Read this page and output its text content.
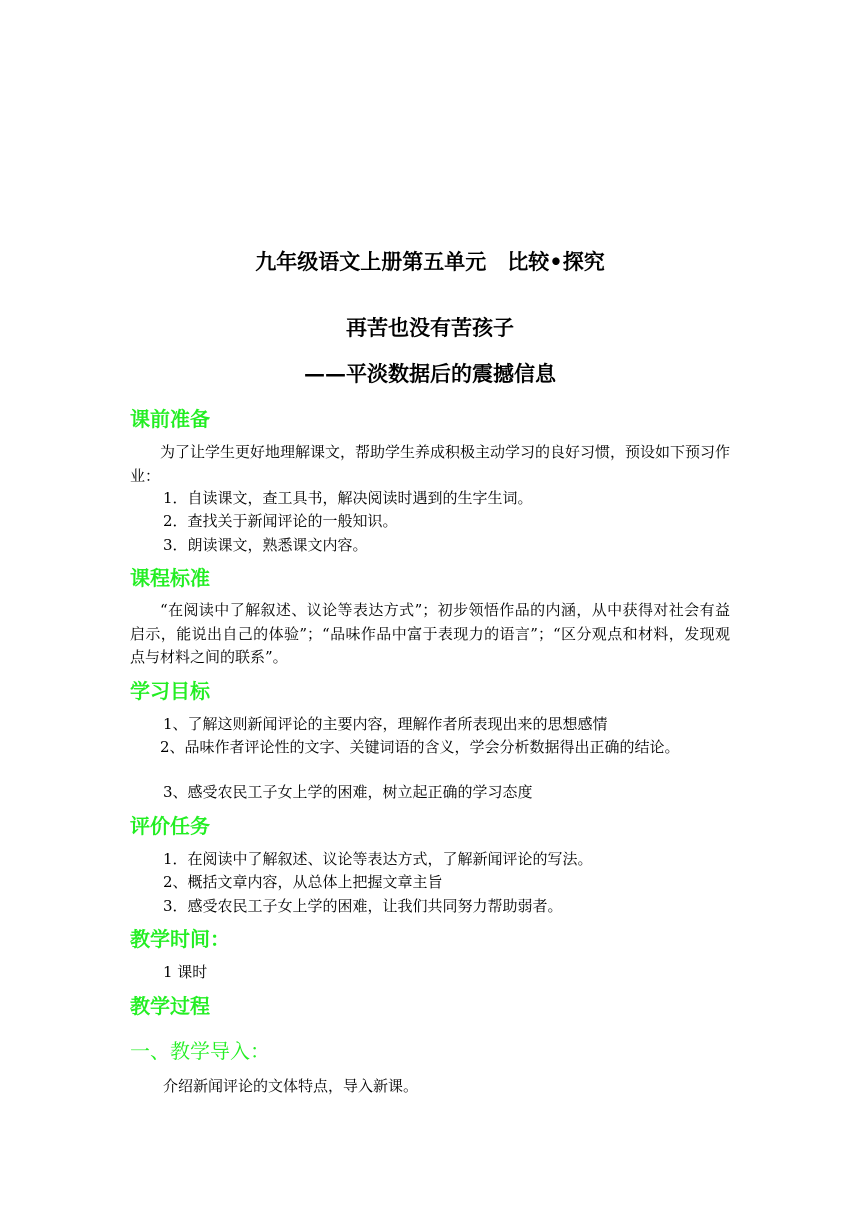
九年级语文上册第五单元　比较•探究
再苦也没有苦孩子
——平淡数据后的震撼信息
课前准备
为了让学生更好地理解课文，帮助学生养成积极主动学习的良好习惯，预设如下预习作业：
1．自读课文，查工具书，解决阅读时遇到的生字生词。
2．查找关于新闻评论的一般知识。
3．朗读课文，熟悉课文内容。
课程标准
“在阅读中了解叙述、议论等表达方式”；初步领悟作品的内涵，从中获得对社会有益启示，能说出自己的体验”；“品味作品中富于表现力的语言”；“区分观点和材料，发现观点与材料之间的联系”。
学习目标
1、了解这则新闻评论的主要内容，理解作者所表现出来的思想感情
2、品味作者评论性的文字、关键词语的含义，学会分析数据得出正确的结论。
3、感受农民工子女上学的困难，树立起正确的学习态度
评价任务
1．在阅读中了解叙述、议论等表达方式，了解新闻评论的写法。
2、概括文章内容，从总体上把握文章主旨
3．感受农民工子女上学的困难，让我们共同努力帮助弱者。
教学时间：
1 课时
教学过程
一、教学导入：
介绍新闻评论的文体特点，导入新课。
